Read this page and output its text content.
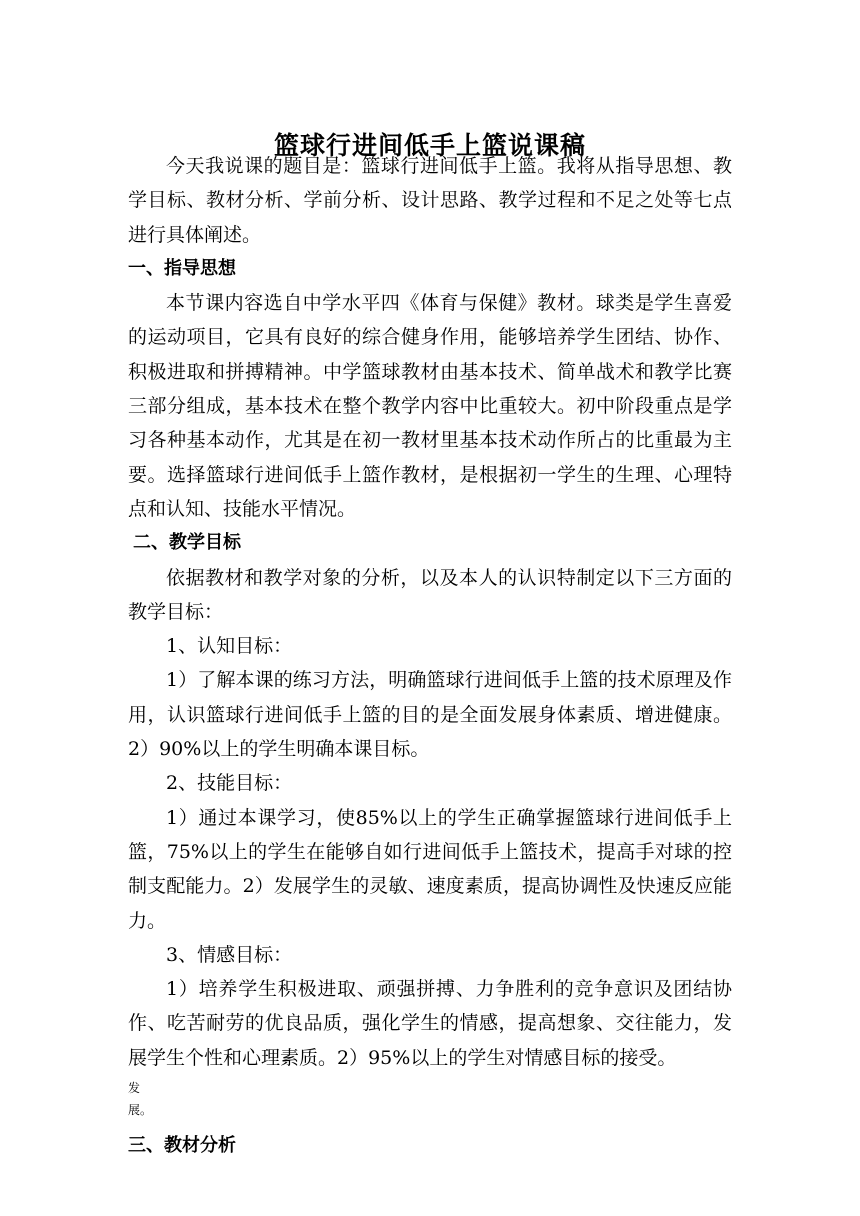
篮球行进间低手上篮说课稿

今天我说课的题目是：篮球行进间低手上篮。我将从指导思想、教学目标、教材分析、学前分析、设计思路、教学过程和不足之处等七点进行具体阐述。

一、指导思想

本节课内容选自中学水平四《体育与保健》教材。球类是学生喜爱的运动项目，它具有良好的综合健身作用，能够培养学生团结、协作、积极进取和拼搏精神。中学篮球教材由基本技术、简单战术和教学比赛三部分组成，基本技术在整个教学内容中比重较大。初中阶段重点是学习各种基本动作，尤其是在初一教材里基本技术动作所占的比重最为主要。选择篮球行进间低手上篮作教材，是根据初一学生的生理、心理特点和认知、技能水平情况。

二、教学目标

依据教材和教学对象的分析，以及本人的认识特制定以下三方面的教学目标：

1、认知目标：

1）了解本课的练习方法，明确篮球行进间低手上篮的技术原理及作用，认识篮球行进间低手上篮的目的是全面发展身体素质、增进健康。2）90%以上的学生明确本课目标。

2、技能目标：

1）通过本课学习，使85%以上的学生正确掌握篮球行进间低手上篮，75%以上的学生在能够自如行进间低手上篮技术，提高手对球的控制支配能力。2）发展学生的灵敏、速度素质，提高协调性及快速反应能力。

3、情感目标：

1）培养学生积极进取、顽强拼搏、力争胜利的竞争意识及团结协作、吃苦耐劳的优良品质，强化学生的情感，提高想象、交往能力，发展学生个性和心理素质。2）95%以上的学生对情感目标的接受。

发

展。

三、教材分析
